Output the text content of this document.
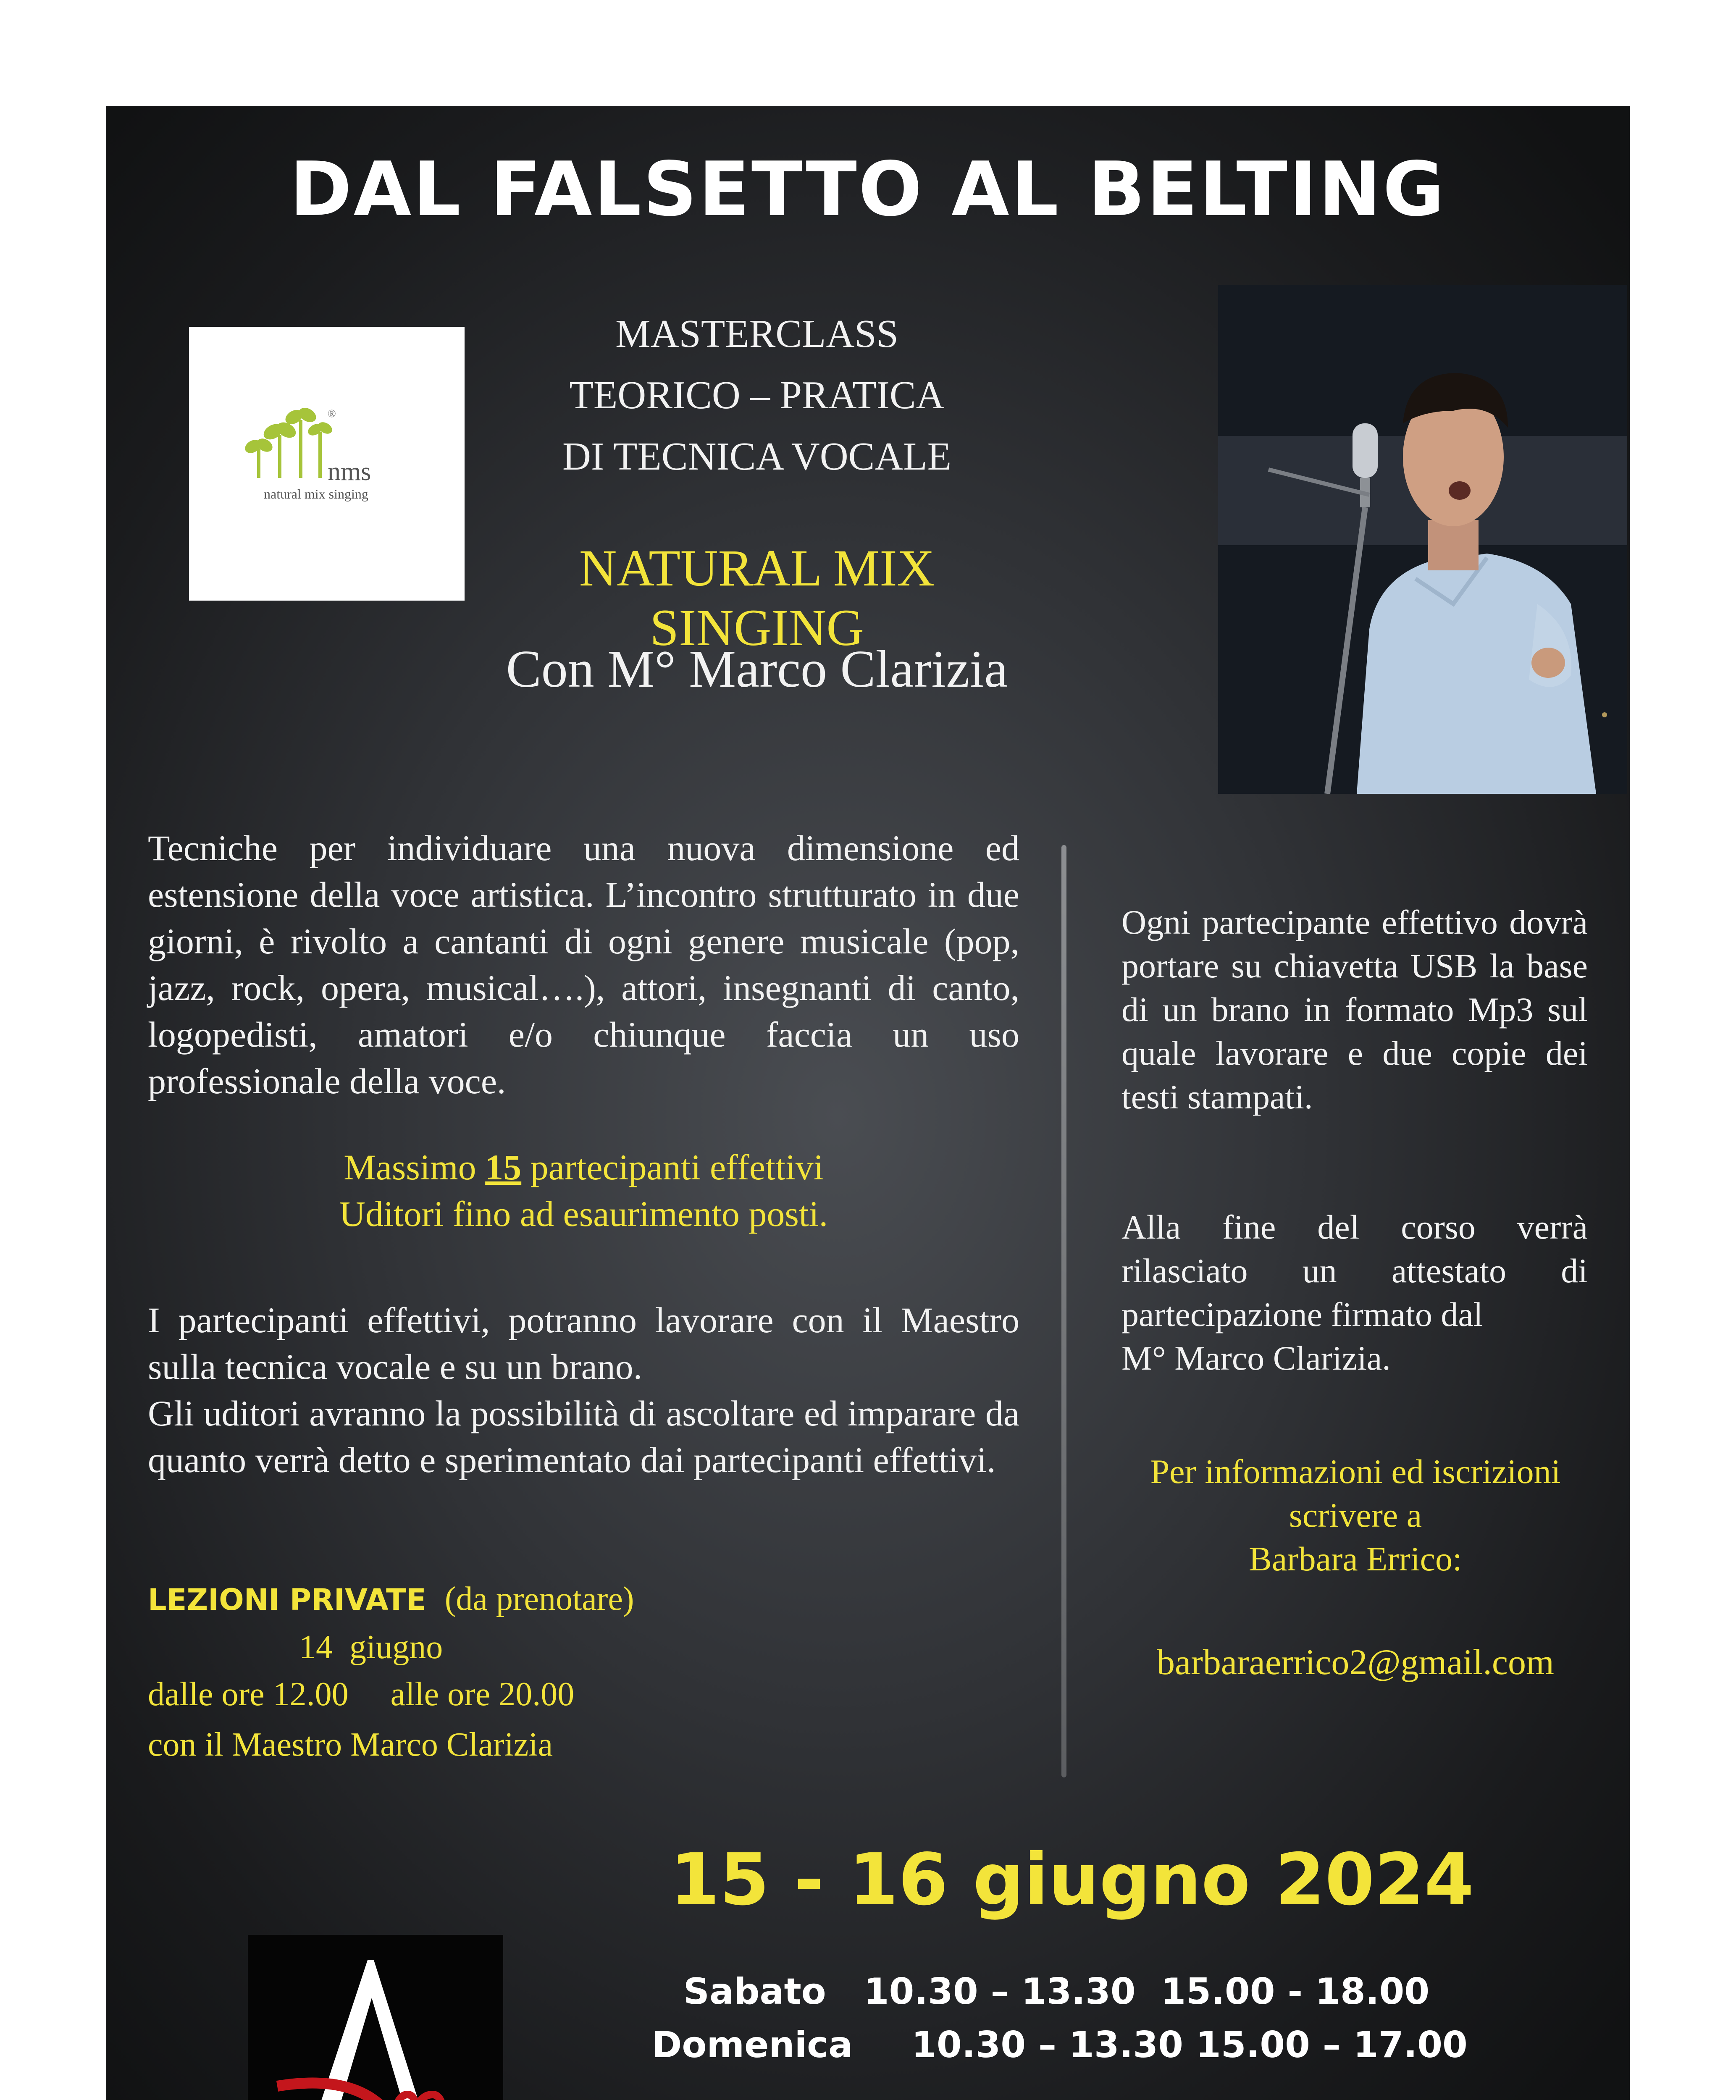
DAL FALSETTO AL BELTING
®
nms
natural mix singing
MASTERCLASS
TEORICO – PRATICA
DI TECNICA VOCALE
NATURAL MIX SINGING
Con M° Marco Clarizia
Tecniche per individuare una nuova dimensione ed estensione della voce artistica. L’incontro strutturato in due giorni, è rivolto a cantanti di ogni genere musicale (pop, jazz, rock, opera, musical….), attori, insegnanti di canto, logopedisti, amatori e/o chiunque faccia un uso professionale della voce.
Massimo 15 partecipanti effettivi
Uditori fino ad esaurimento posti.
I partecipanti effettivi, potranno lavorare con il Maestro sulla tecnica vocale e su un brano.
Gli uditori avranno la possibilità di ascoltare ed imparare da quanto verrà detto e sperimentato dai partecipanti effettivi.
LEZIONI PRIVATE (da prenotare)
14  giugno
dalle ore 12.00 alle ore 20.00
con il Maestro Marco Clarizia
Ogni partecipante effettivo dovrà portare su chiavetta USB la base di un brano in formato Mp3 sul quale lavorare e due copie dei testi stampati.
Alla fine del corso verrà rilasciato un attestato di
partecipazione firmato dal
M° Marco Clarizia.
Per informazioni ed iscrizioni
scrivere a
Barbara Errico:
barbaraerrico2@gmail.com
15 - 16 giugno 2024
Sabato 10.30 – 13.30  15.00 - 18.00
Domenica 10.30 – 13.30 15.00 – 17.00
